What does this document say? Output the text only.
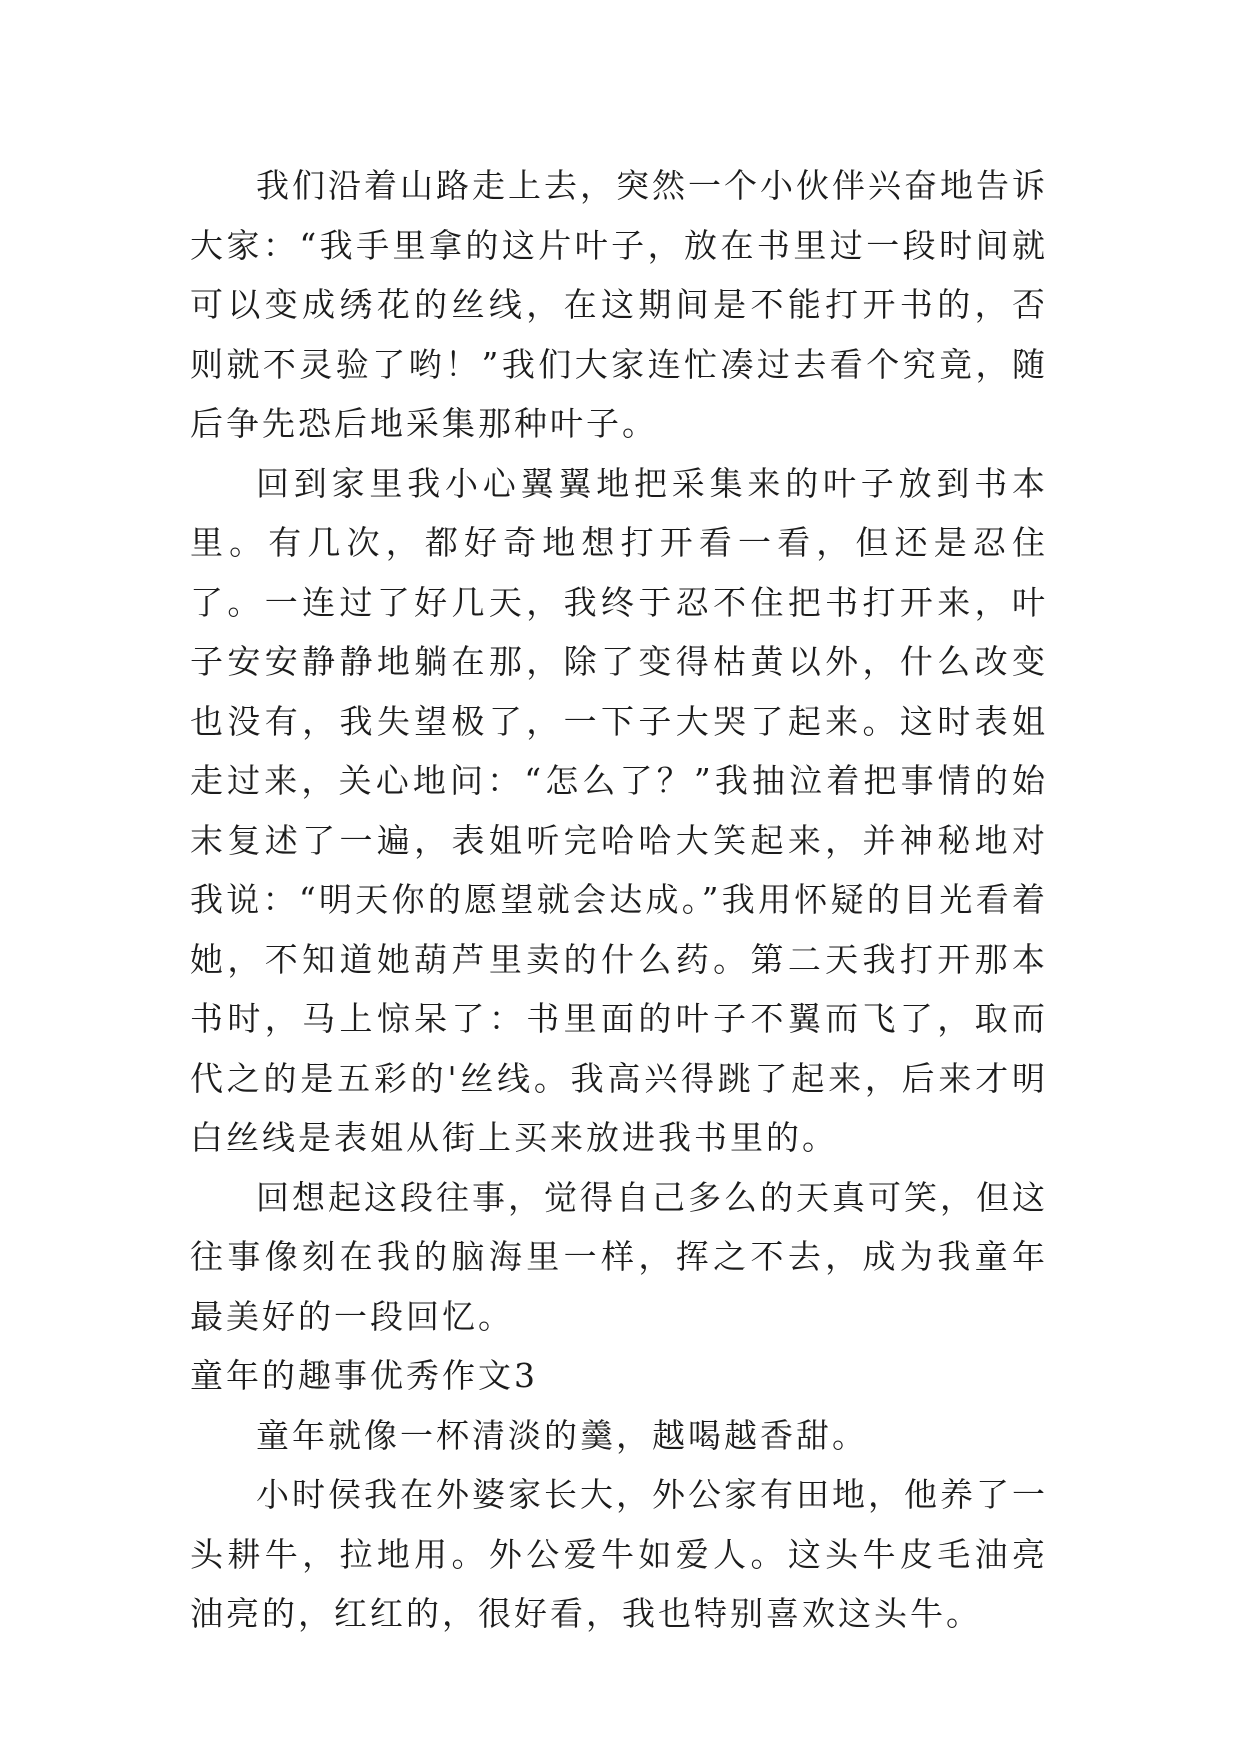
我们沿着山路走上去，突然一个小伙伴兴奋地告诉大家：“我手里拿的这片叶子，放在书里过一段时间就可以变成绣花的丝线，在这期间是不能打开书的，否则就不灵验了哟！”我们大家连忙凑过去看个究竟，随后争先恐后地采集那种叶子。

回到家里我小心翼翼地把采集来的叶子放到书本里。有几次，都好奇地想打开看一看，但还是忍住了。一连过了好几天，我终于忍不住把书打开来，叶子安安静静地躺在那，除了变得枯黄以外，什么改变也没有，我失望极了，一下子大哭了起来。这时表姐走过来，关心地问：“怎么了？”我抽泣着把事情的始末复述了一遍，表姐听完哈哈大笑起来，并神秘地对我说：“明天你的愿望就会达成。”我用怀疑的目光看着她，不知道她葫芦里卖的什么药。第二天我打开那本书时，马上惊呆了：书里面的叶子不翼而飞了，取而代之的是五彩的'丝线。我高兴得跳了起来，后来才明白丝线是表姐从街上买来放进我书里的。

回想起这段往事，觉得自己多么的天真可笑，但这往事像刻在我的脑海里一样，挥之不去，成为我童年最美好的一段回忆。

童年的趣事优秀作文3

童年就像一杯清淡的羹，越喝越香甜。

小时侯我在外婆家长大，外公家有田地，他养了一头耕牛，拉地用。外公爱牛如爱人。这头牛皮毛油亮油亮的，红红的，很好看，我也特别喜欢这头牛。
